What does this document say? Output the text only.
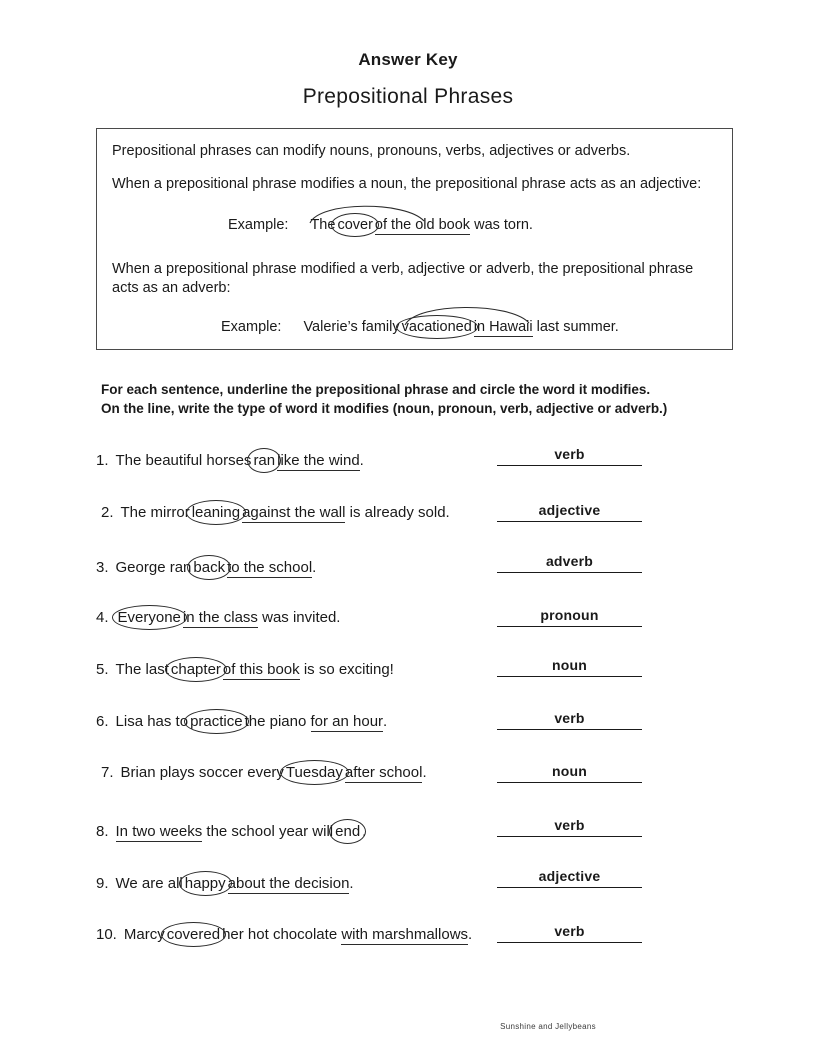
Answer Key
Prepositional Phrases
Prepositional phrases can modify nouns, pronouns, verbs, adjectives or adverbs.
When a prepositional phrase modifies a noun, the prepositional phrase acts as an adjective:
Example: The cover of the old book was torn.
When a prepositional phrase modified a verb, adjective or adverb, the prepositional phrase acts as an adverb:
Example: Valerie’s family vacationed in Hawaii last summer.
For each sentence, underline the prepositional phrase and circle the word it modifies.
On the line, write the type of word it modifies (noun, pronoun, verb, adjective or adverb.)
1. The beautiful horses ran like the wind.	verb
2. The mirror leaning against the wall is already sold.	adjective
3. George ran back to the school.	adverb
4. Everyone in the class was invited.	pronoun
5. The last chapter of this book is so exciting!	noun
6. Lisa has to practice the piano for an hour.	verb
7. Brian plays soccer every Tuesday after school.	noun
8. In two weeks the school year will end .	verb
9. We are all happy about the decision.	adjective
10. Marcy covered her hot chocolate with marshmallows.	verb
Sunshine and Jellybeans
